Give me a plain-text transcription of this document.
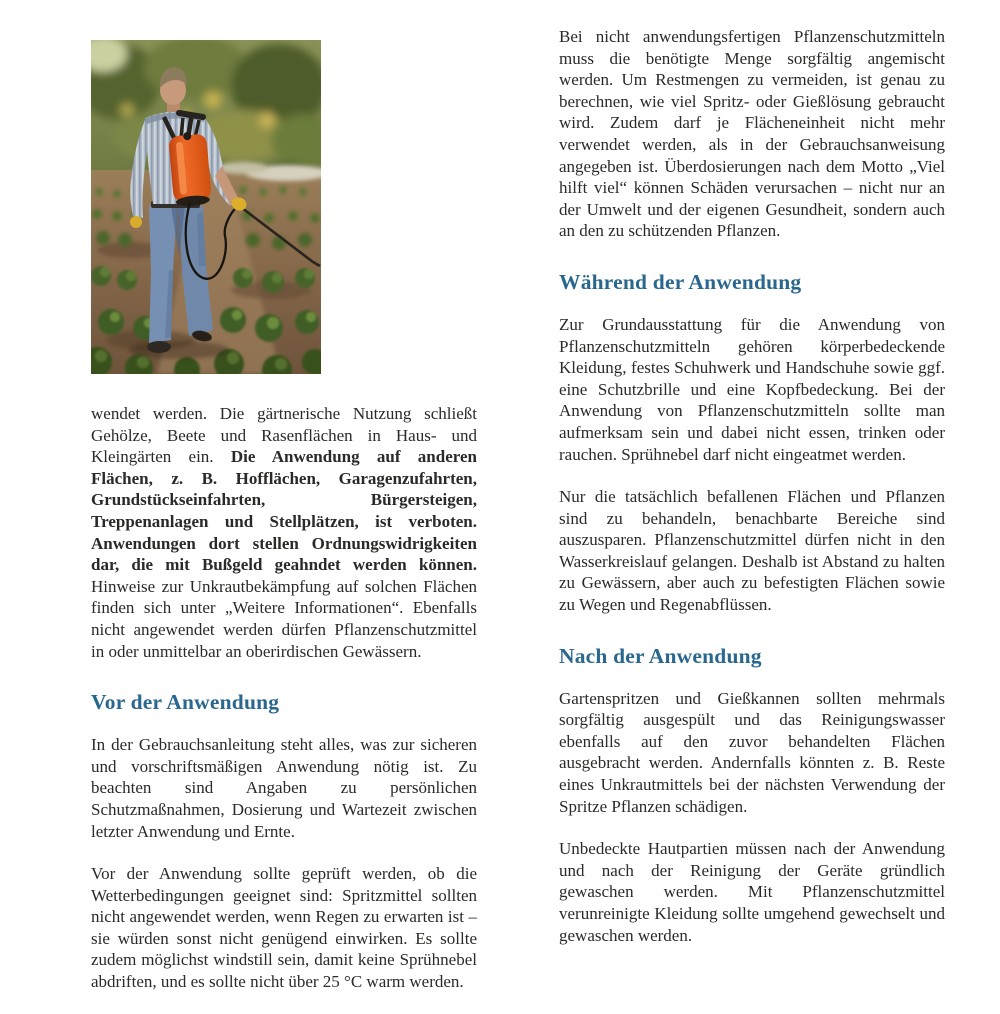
wendet werden. Die gärtnerische Nutzung schließt Gehölze, Beete und Rasenflächen in Haus- und Kleingärten ein. Die Anwendung auf anderen Flächen, z. B. Hofflächen, Garagenzufahrten, Grundstückseinfahrten, Bürgersteigen, Treppenanlagen und Stellplätzen, ist verboten. Anwendungen dort stellen Ordnungswidrigkeiten dar, die mit Bußgeld geahndet werden können. Hinweise zur Unkrautbekämpfung auf solchen Flächen finden sich unter „Weitere Informationen“. Ebenfalls nicht angewendet werden dürfen Pflanzenschutzmittel in oder unmittelbar an oberirdischen Gewässern.

Vor der Anwendung

In der Gebrauchsanleitung steht alles, was zur sicheren und vorschriftsmäßigen Anwendung nötig ist. Zu beachten sind Angaben zu persönlichen Schutzmaßnahmen, Dosierung und Wartezeit zwischen letzter Anwendung und Ernte.

Vor der Anwendung sollte geprüft werden, ob die Wetterbedingungen geeignet sind: Spritzmittel sollten nicht angewendet werden, wenn Regen zu erwarten ist – sie würden sonst nicht genügend einwirken. Es sollte zudem möglichst windstill sein, damit keine Sprühnebel abdriften, und es sollte nicht über 25 °C warm werden.

Bei nicht anwendungsfertigen Pflanzenschutzmitteln muss die benötigte Menge sorgfältig angemischt werden. Um Restmengen zu vermeiden, ist genau zu berechnen, wie viel Spritz- oder Gießlösung gebraucht wird. Zudem darf je Flächeneinheit nicht mehr verwendet werden, als in der Gebrauchsanweisung angegeben ist. Überdosierungen nach dem Motto „Viel hilft viel“ können Schäden verursachen – nicht nur an der Umwelt und der eigenen Gesundheit, sondern auch an den zu schützenden Pflanzen.

Während der Anwendung

Zur Grundausstattung für die Anwendung von Pflanzenschutzmitteln gehören körperbedeckende Kleidung, festes Schuhwerk und Handschuhe sowie ggf. eine Schutzbrille und eine Kopfbedeckung. Bei der Anwendung von Pflanzenschutzmitteln sollte man aufmerksam sein und dabei nicht essen, trinken oder rauchen. Sprühnebel darf nicht eingeatmet werden.

Nur die tatsächlich befallenen Flächen und Pflanzen sind zu behandeln, benachbarte Bereiche sind auszusparen. Pflanzenschutzmittel dürfen nicht in den Wasserkreislauf gelangen. Deshalb ist Abstand zu halten zu Gewässern, aber auch zu befestigten Flächen sowie zu Wegen und Regenabflüssen.

Nach der Anwendung

Gartenspritzen und Gießkannen sollten mehrmals sorgfältig ausgespült und das Reinigungswasser ebenfalls auf den zuvor behandelten Flächen ausgebracht werden. Andernfalls könnten z. B. Reste eines Unkrautmittels bei der nächsten Verwendung der Spritze Pflanzen schädigen.

Unbedeckte Hautpartien müssen nach der Anwendung und nach der Reinigung der Geräte gründlich gewaschen werden. Mit Pflanzenschutzmittel verunreinigte Kleidung sollte umgehend gewechselt und gewaschen werden.
